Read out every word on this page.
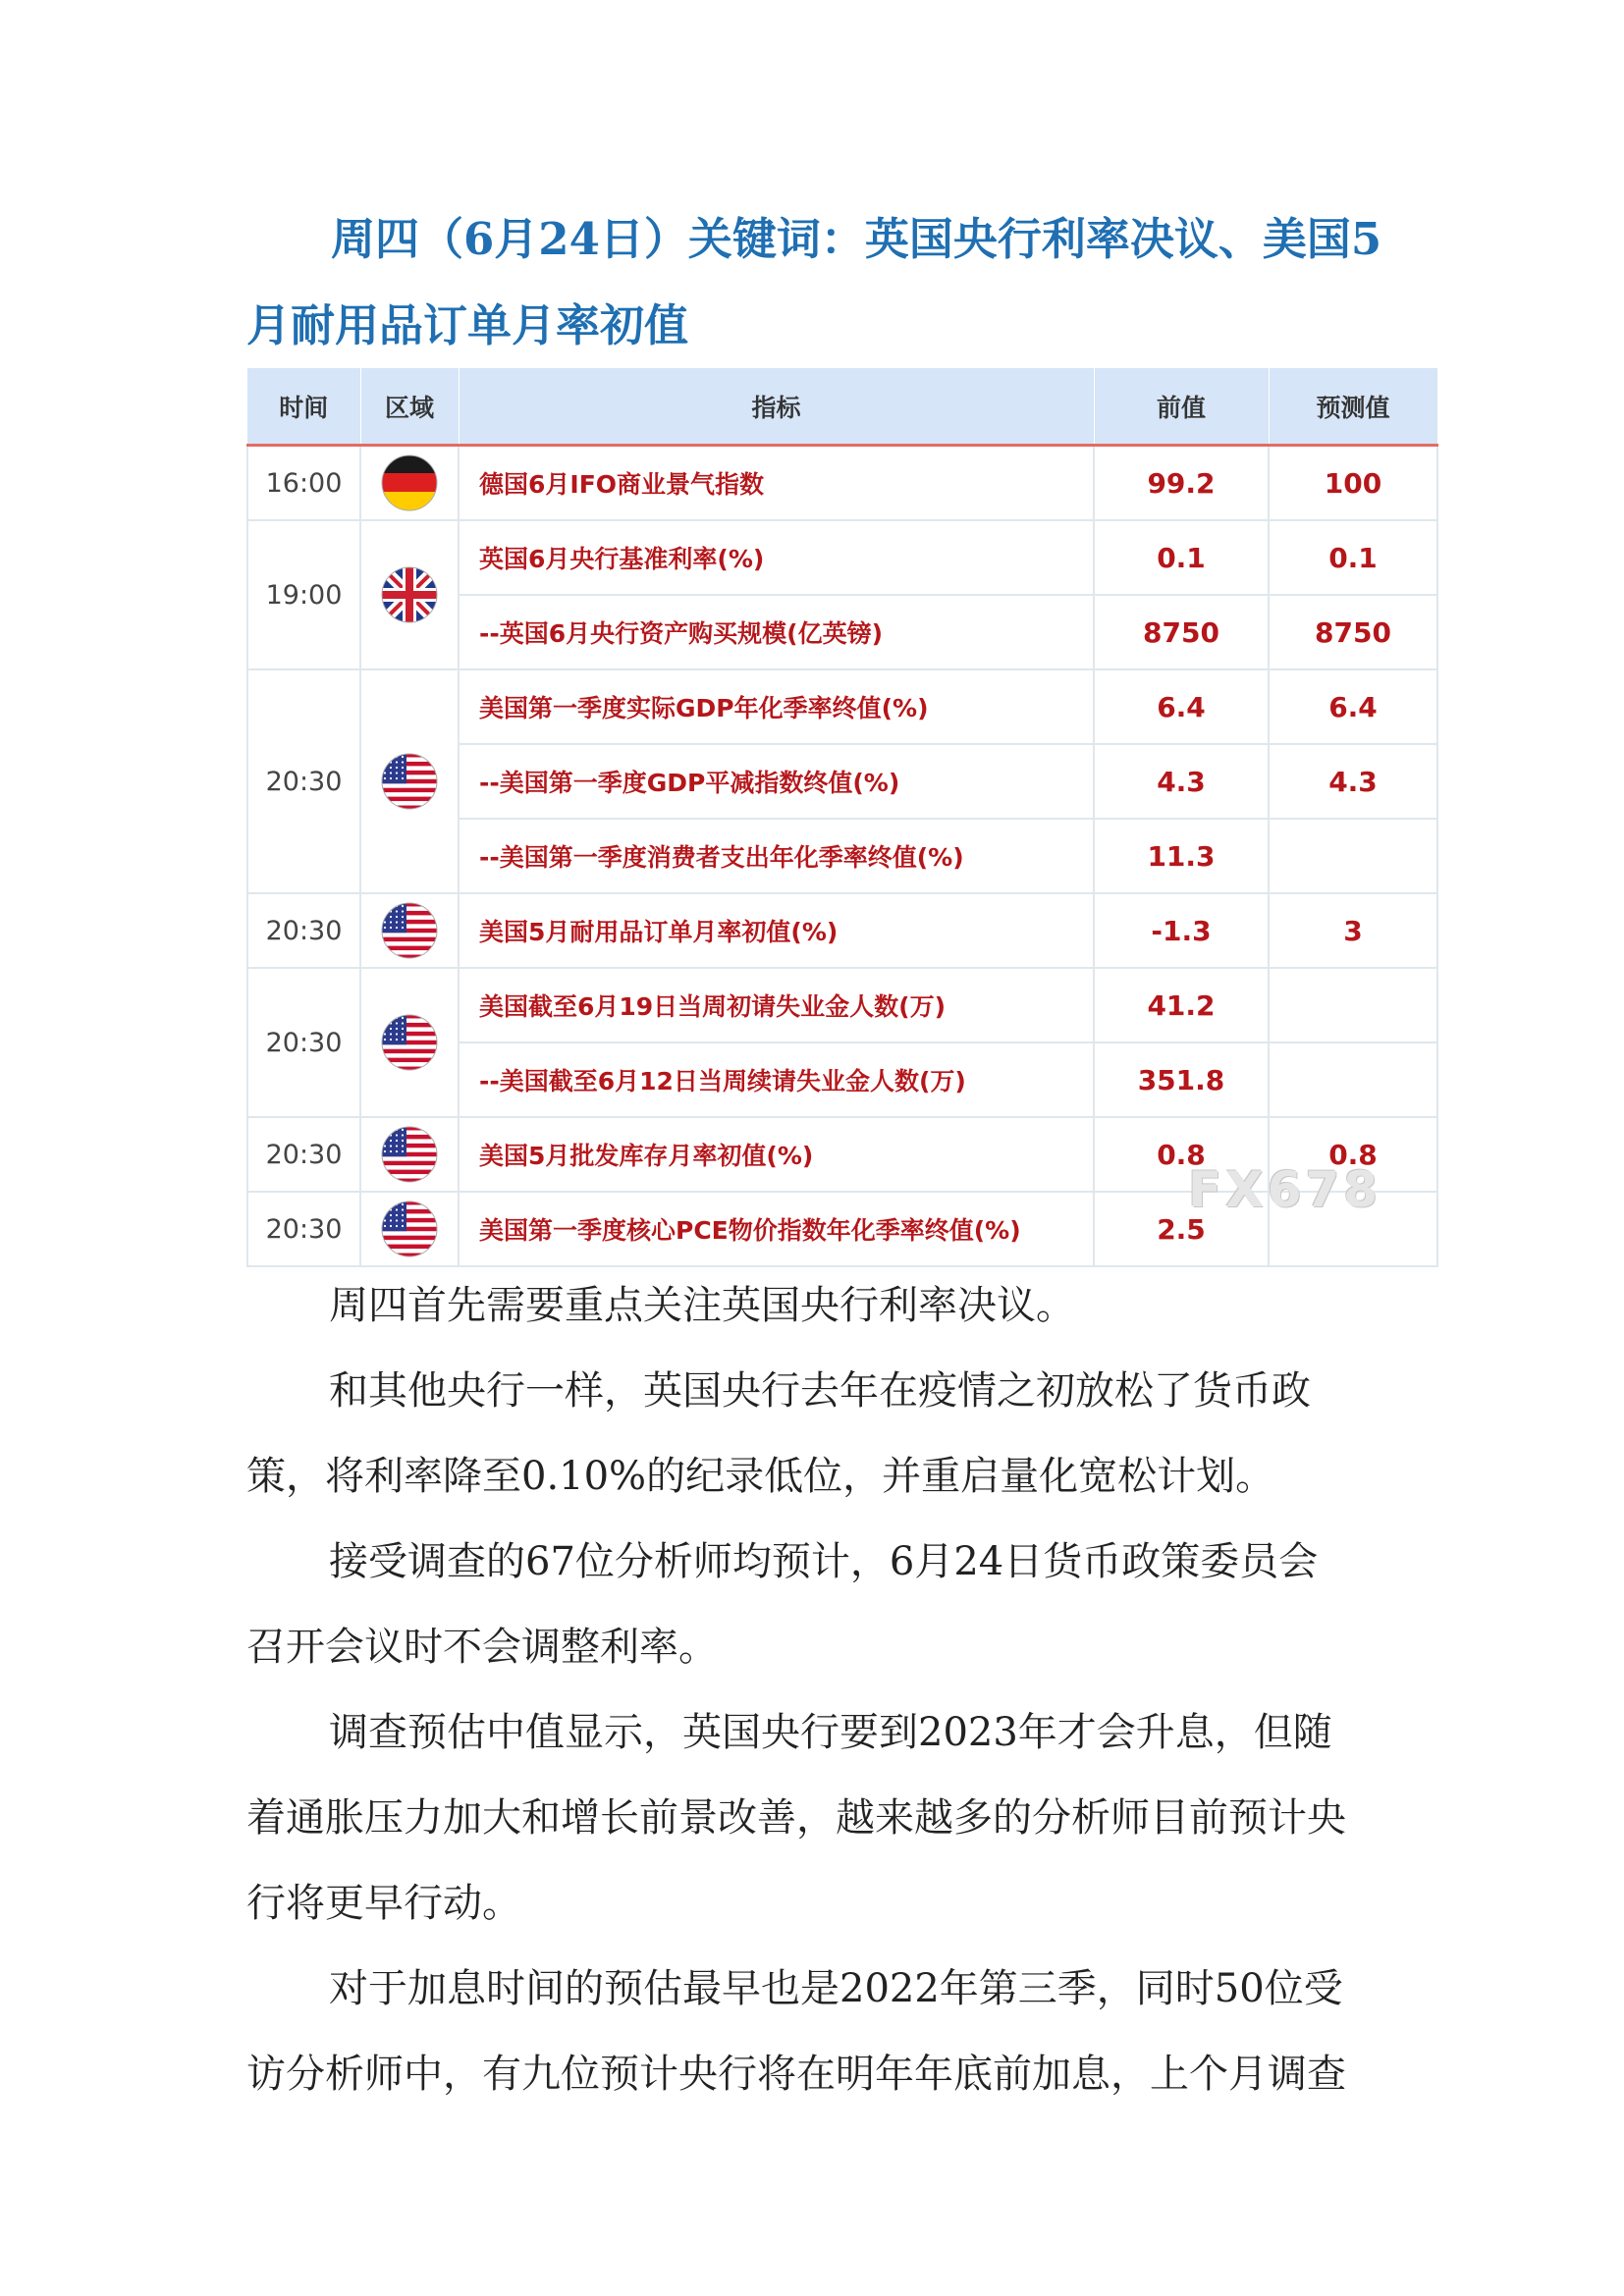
周四（6月24日）关键词：英国央行利率决议、美国5
月耐用品订单月率初值
时间	区域	指标	前值	预测值
16:00		德国6月IFO商业景气指数	99.2	100
19:00		英国6月央行基准利率(%)	0.1	0.1
		--英国6月央行资产购买规模(亿英镑)	8750	8750
20:30		美国第一季度实际GDP年化季率终值(%)	6.4	6.4
		--美国第一季度GDP平减指数终值(%)	4.3	4.3
		--美国第一季度消费者支出年化季率终值(%)	11.3	
20:30		美国5月耐用品订单月率初值(%)	-1.3	3
20:30		美国截至6月19日当周初请失业金人数(万)	41.2	
		--美国截至6月12日当周续请失业金人数(万)	351.8	
20:30		美国5月批发库存月率初值(%)	0.8	0.8
20:30		美国第一季度核心PCE物价指数年化季率终值(%)	2.5	
FX678

周四首先需要重点关注英国央行利率决议。

和其他央行一样，英国央行去年在疫情之初放松了货币政
策，将利率降至0.10%的纪录低位，并重启量化宽松计划。

接受调查的67位分析师均预计，6月24日货币政策委员会
召开会议时不会调整利率。

调查预估中值显示，英国央行要到2023年才会升息，但随
着通胀压力加大和增长前景改善，越来越多的分析师目前预计央
行将更早行动。

对于加息时间的预估最早也是2022年第三季，同时50位受
访分析师中，有九位预计央行将在明年年底前加息，上个月调查
